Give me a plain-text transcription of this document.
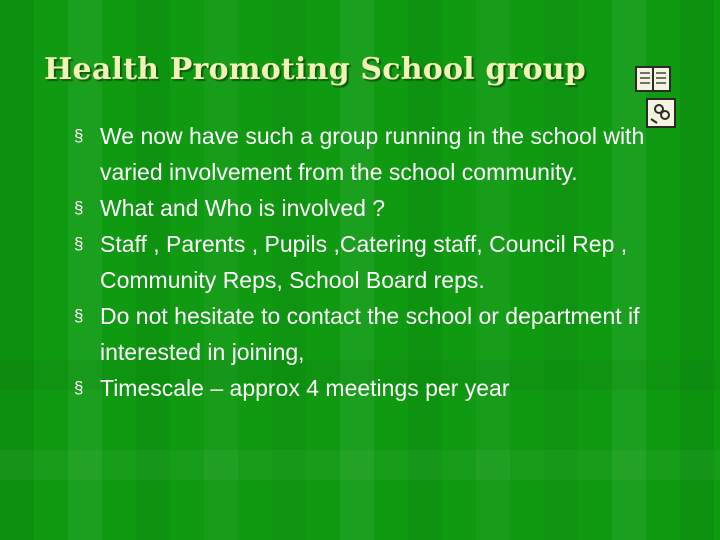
Health Promoting School group
§ We now have such a group running in the school with varied involvement from the school community.
§ What and Who is involved ?
§ Staff , Parents , Pupils ,Catering staff, Council Rep , Community Reps, School Board reps.
§ Do not hesitate to contact the school or department if interested in joining,
§ Timescale – approx 4 meetings per year
